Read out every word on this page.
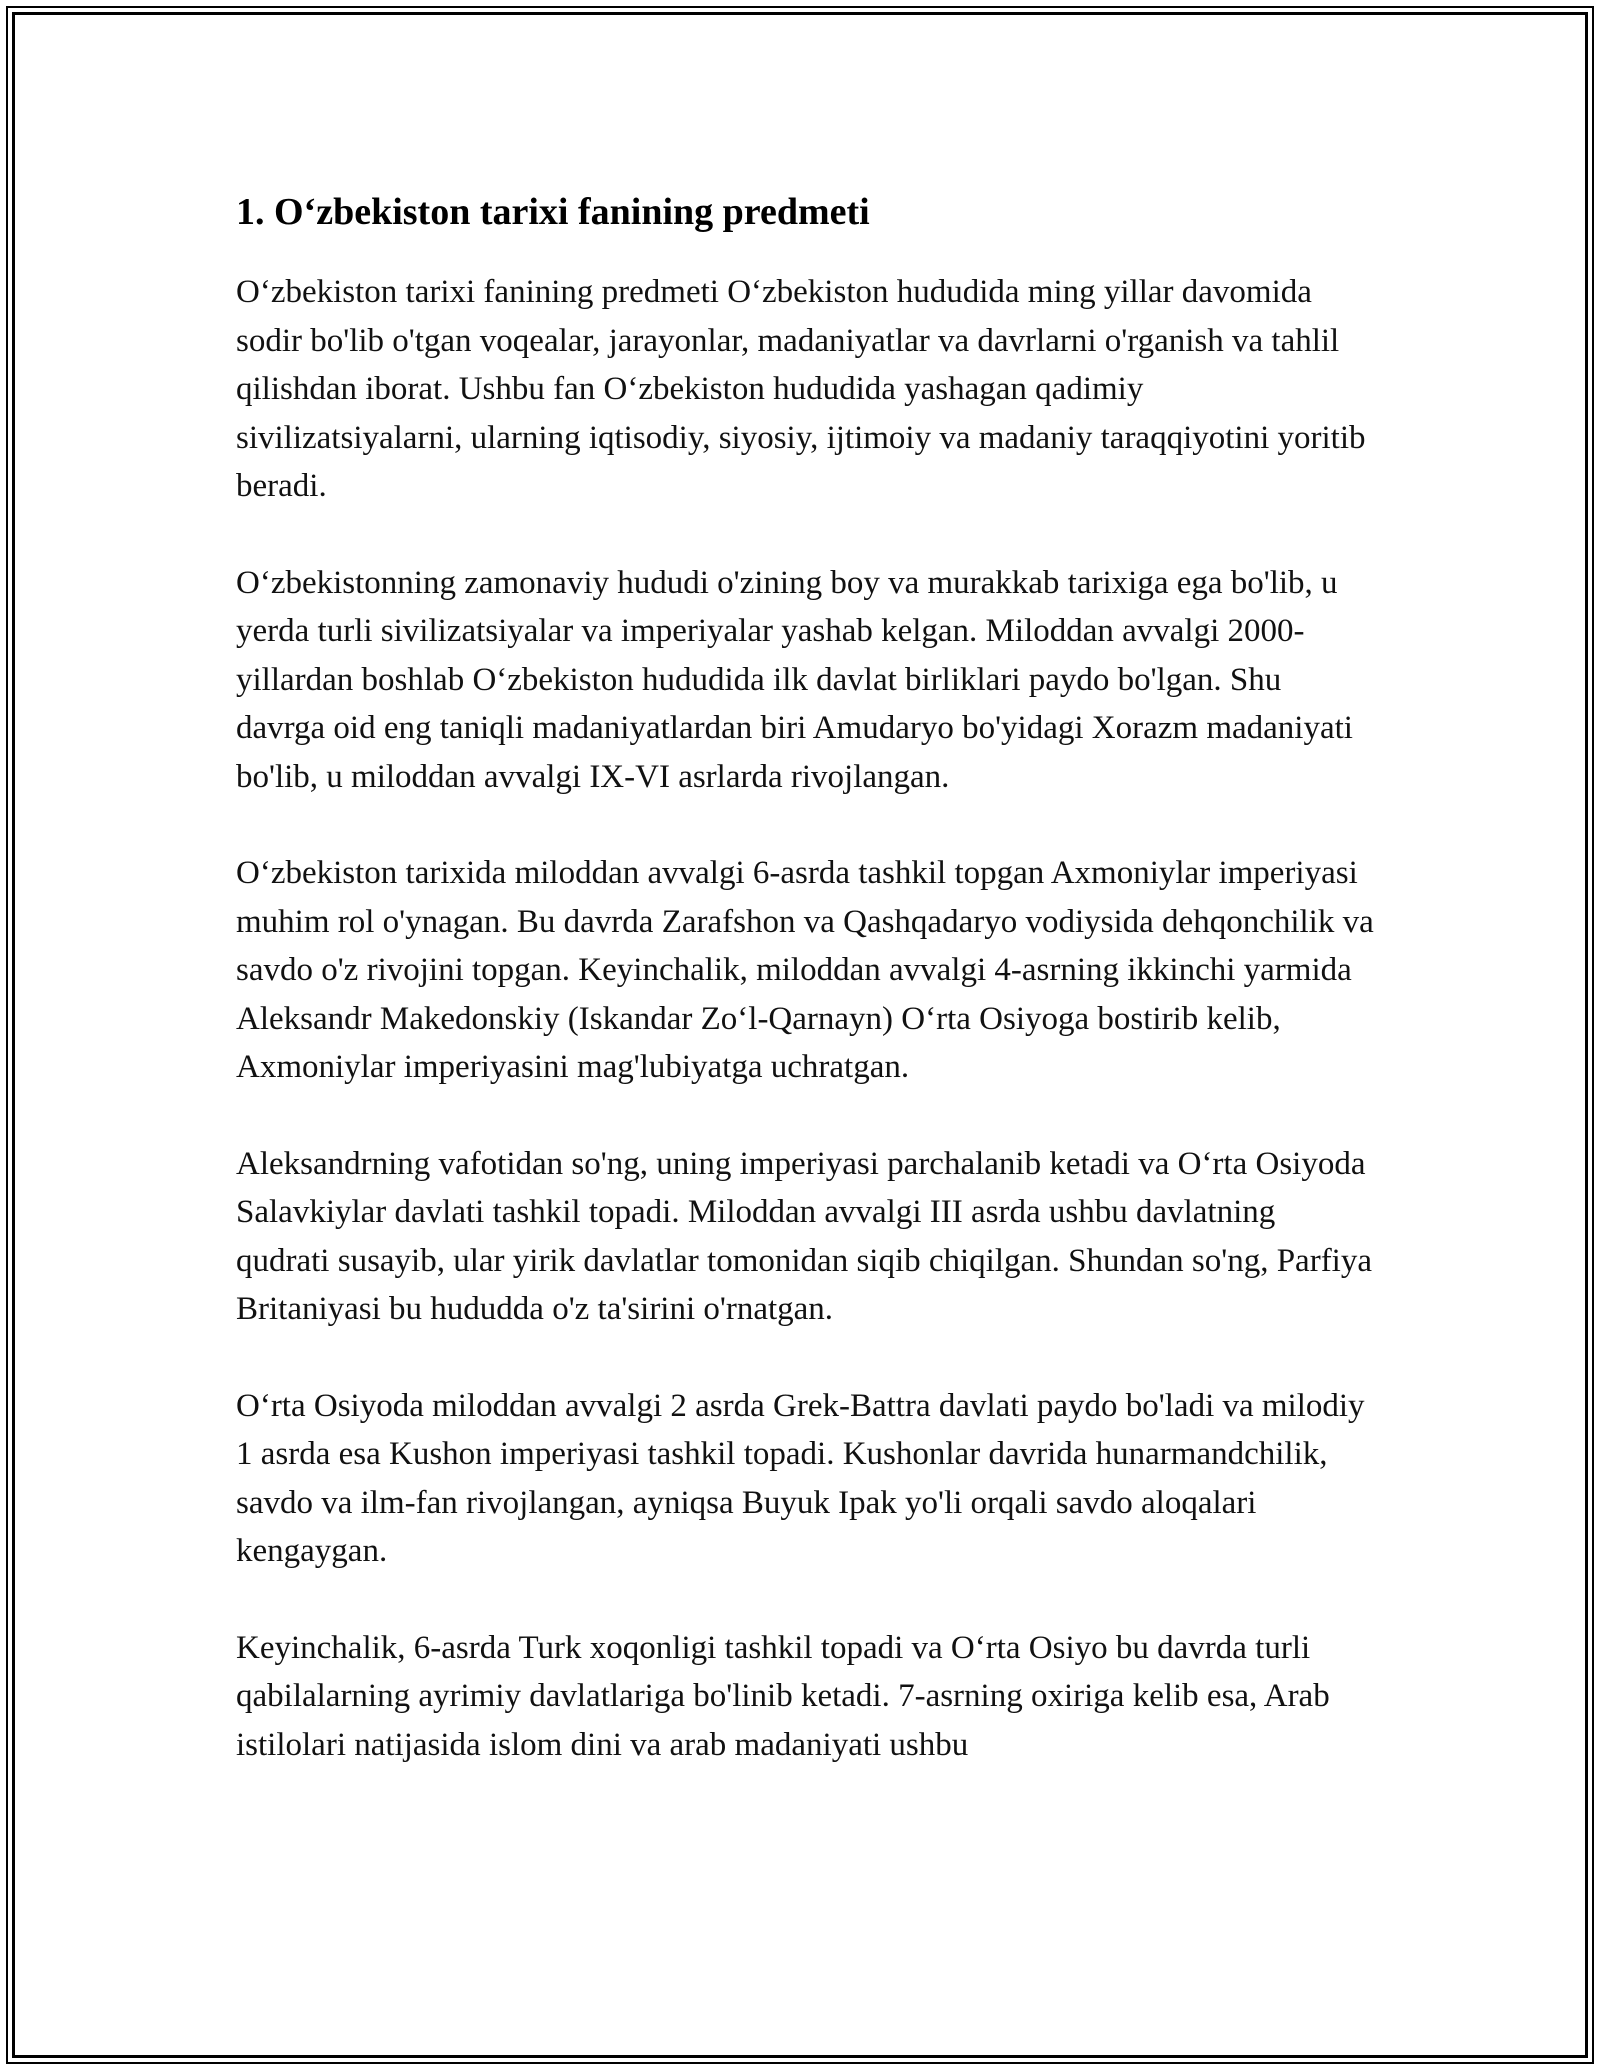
1. O‘zbekiston tarixi fanining predmeti

O‘zbekiston tarixi fanining predmeti O‘zbekiston hududida ming yillar davomida sodir bo'lib o'tgan voqealar, jarayonlar, madaniyatlar va davrlarni o'rganish va tahlil qilishdan iborat. Ushbu fan O‘zbekiston hududida yashagan qadimiy sivilizatsiyalarni, ularning iqtisodiy, siyosiy, ijtimoiy va madaniy taraqqiyotini yoritib beradi.

O‘zbekistonning zamonaviy hududi o'zining boy va murakkab tarixiga ega bo'lib, u yerda turli sivilizatsiyalar va imperiyalar yashab kelgan. Miloddan avvalgi 2000-yillardan boshlab O‘zbekiston hududida ilk davlat birliklari paydo bo'lgan. Shu davrga oid eng taniqli madaniyatlardan biri Amudaryo bo'yidagi Xorazm madaniyati bo'lib, u miloddan avvalgi IX-VI asrlarda rivojlangan.

O‘zbekiston tarixida miloddan avvalgi 6-asrda tashkil topgan Axmoniylar imperiyasi muhim rol o'ynagan. Bu davrda Zarafshon va Qashqadaryo vodiysida dehqonchilik va savdo o'z rivojini topgan. Keyinchalik, miloddan avvalgi 4-asrning ikkinchi yarmida Aleksandr Makedonskiy (Iskandar Zo‘l-Qarnayn) O‘rta Osiyoga bostirib kelib, Axmoniylar imperiyasini mag'lubiyatga uchratgan.

Aleksandrning vafotidan so'ng, uning imperiyasi parchalanib ketadi va O‘rta Osiyoda Salavkiylar davlati tashkil topadi. Miloddan avvalgi III asrda ushbu davlatning qudrati susayib, ular yirik davlatlar tomonidan siqib chiqilgan. Shundan so'ng, Parfiya Britaniyasi bu hududda o'z ta'sirini o'rnatgan.

O‘rta Osiyoda miloddan avvalgi 2 asrda Grek-Battra davlati paydo bo'ladi va milodiy 1 asrda esa Kushon imperiyasi tashkil topadi. Kushonlar davrida hunarmandchilik, savdo va ilm-fan rivojlangan, ayniqsa Buyuk Ipak yo'li orqali savdo aloqalari kengaygan.

Keyinchalik, 6-asrda Turk xoqonligi tashkil topadi va O‘rta Osiyo bu davrda turli qabilalarning ayrimiy davlatlariga bo'linib ketadi. 7-asrning oxiriga kelib esa, Arab istilolari natijasida islom dini va arab madaniyati ushbu
